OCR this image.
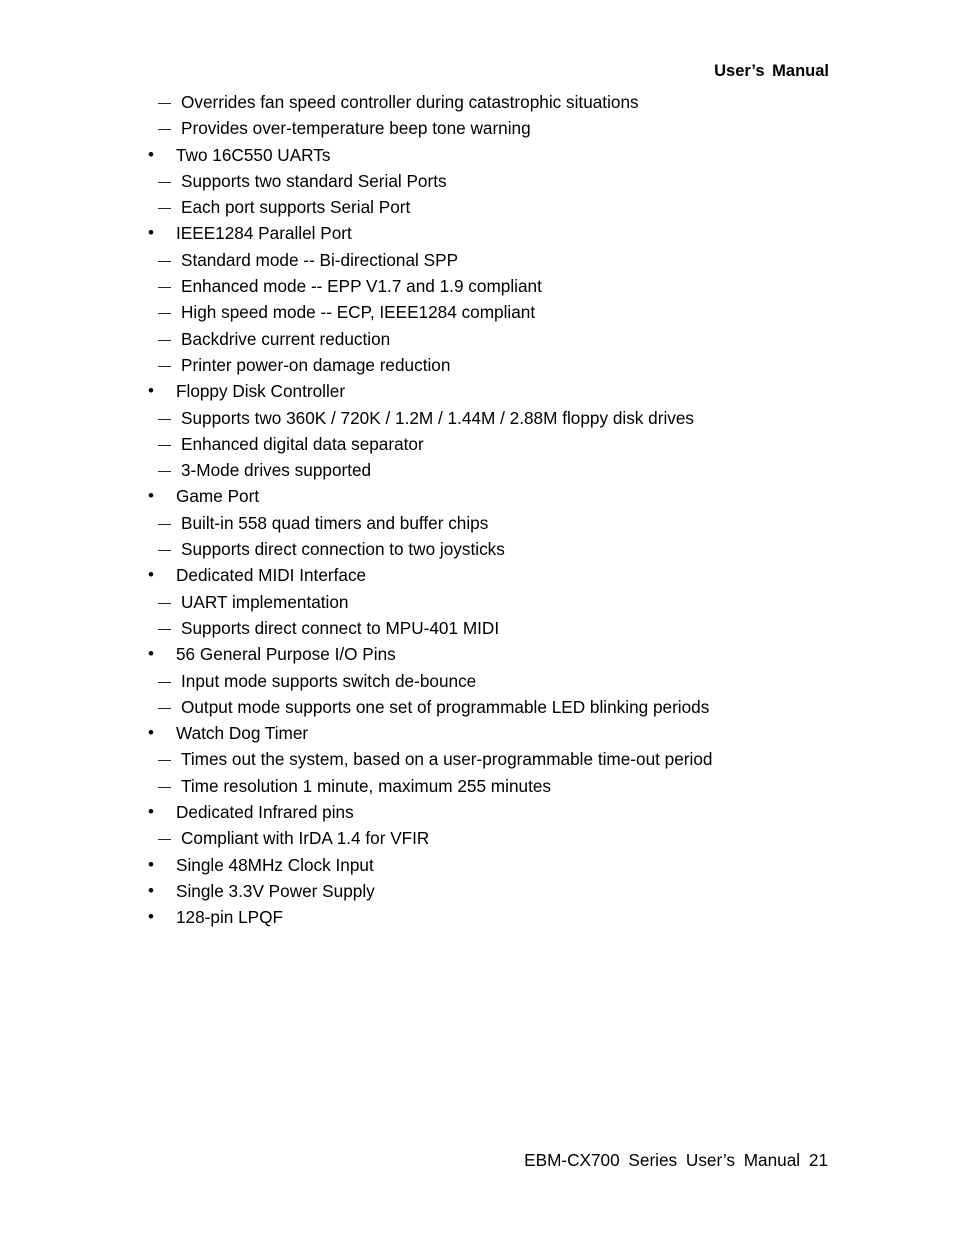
User’s Manual
— Overrides fan speed controller during catastrophic situations
— Provides over-temperature beep tone warning
• Two 16C550 UARTs
— Supports two standard Serial Ports
— Each port supports Serial Port
• IEEE1284 Parallel Port
— Standard mode -- Bi-directional SPP
— Enhanced mode -- EPP V1.7 and 1.9 compliant
— High speed mode -- ECP, IEEE1284 compliant
— Backdrive current reduction
— Printer power-on damage reduction
• Floppy Disk Controller
— Supports two 360K / 720K / 1.2M / 1.44M / 2.88M floppy disk drives
— Enhanced digital data separator
— 3-Mode drives supported
• Game Port
— Built-in 558 quad timers and buffer chips
— Supports direct connection to two joysticks
• Dedicated MIDI Interface
— UART implementation
— Supports direct connect to MPU-401 MIDI
• 56 General Purpose I/O Pins
— Input mode supports switch de-bounce
— Output mode supports one set of programmable LED blinking periods
• Watch Dog Timer
— Times out the system, based on a user-programmable time-out period
— Time resolution 1 minute, maximum 255 minutes
• Dedicated Infrared pins
— Compliant with IrDA 1.4 for VFIR
• Single 48MHz Clock Input
• Single 3.3V Power Supply
• 128-pin LPQF
EBM-CX700 Series User’s Manual 21
